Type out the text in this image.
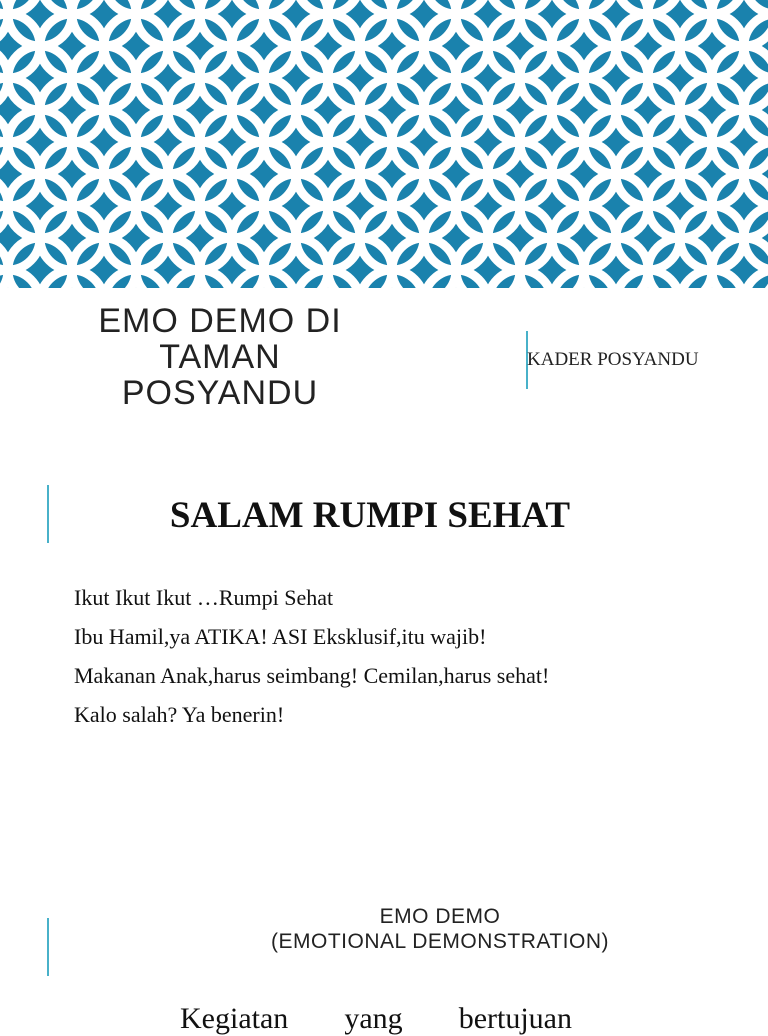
EMO DEMO DI
TAMAN
POSYANDU
KADER POSYANDU
SALAM RUMPI SEHAT
Ikut Ikut Ikut …Rumpi Sehat
Ibu Hamil,ya ATIKA! ASI Eksklusif,itu wajib!
Makanan Anak,harus seimbang! Cemilan,harus sehat!
Kalo salah? Ya benerin!
EMO DEMO
(EMOTIONAL DEMONSTRATION)

Kegiatan yang bertujuan
